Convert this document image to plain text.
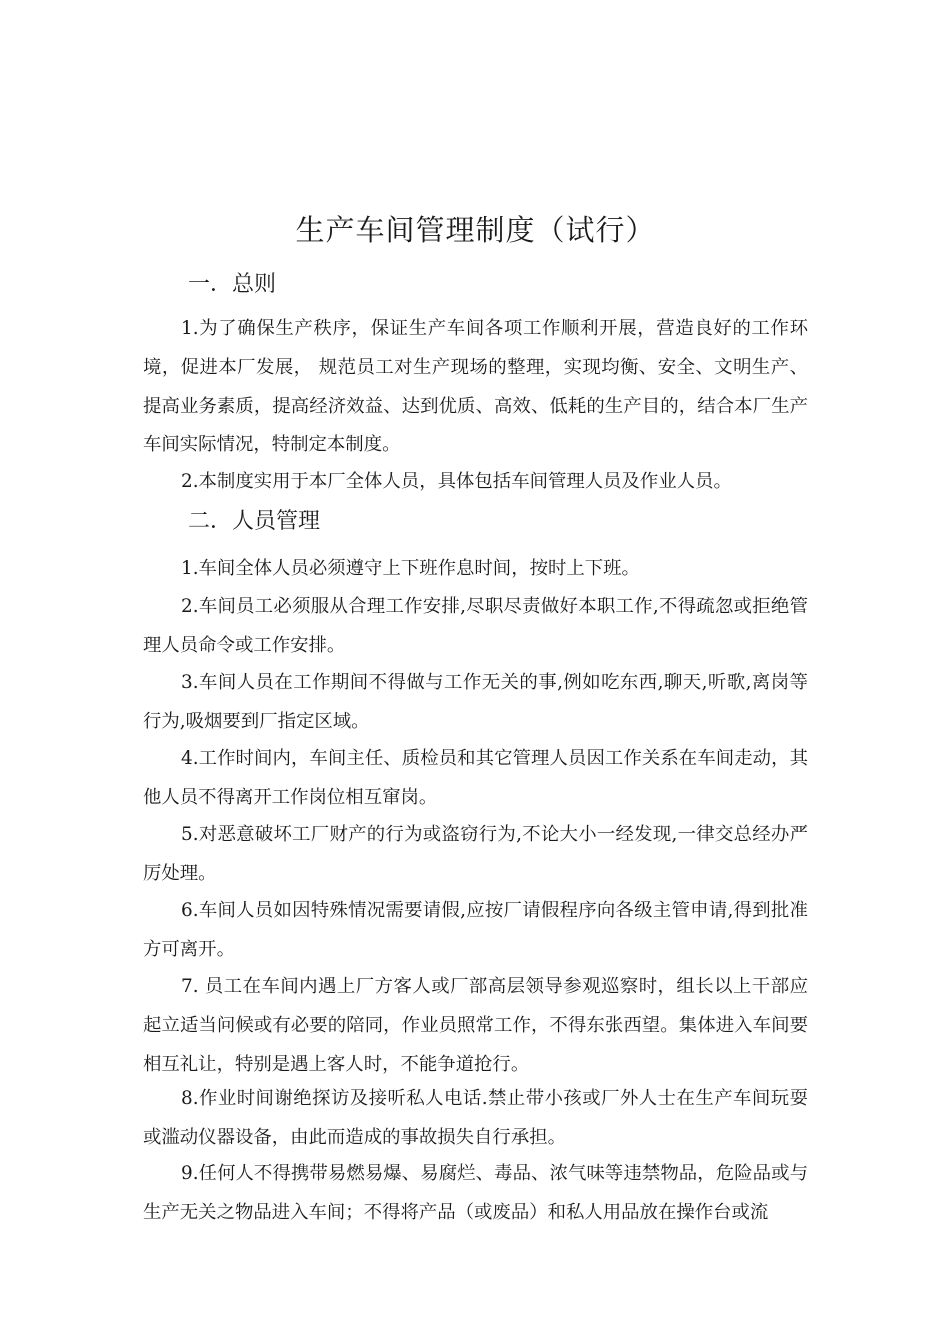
生产车间管理制度（试行）
一．总则

1.为了确保生产秩序，保证生产车间各项工作顺利开展，营造良好的工作环境，促进本厂发展， 规范员工对生产现场的整理，实现均衡、安全、文明生产、提高业务素质，提高经济效益、达到优质、高效、低耗的生产目的，结合本厂生产车间实际情况，特制定本制度。

2.本制度实用于本厂全体人员，具体包括车间管理人员及作业人员。

二．人员管理

1.车间全体人员必须遵守上下班作息时间，按时上下班。

2.车间员工必须服从合理工作安排,尽职尽责做好本职工作,不得疏忽或拒绝管理人员命令或工作安排。

3.车间人员在工作期间不得做与工作无关的事,例如吃东西,聊天,听歌,离岗等行为,吸烟要到厂指定区域。

4.工作时间内，车间主任、质检员和其它管理人员因工作关系在车间走动，其他人员不得离开工作岗位相互窜岗。

5.对恶意破坏工厂财产的行为或盗窃行为,不论大小一经发现,一律交总经办严厉处理。

6.车间人员如因特殊情况需要请假,应按厂请假程序向各级主管申请,得到批准方可离开。

7. 员工在车间内遇上厂方客人或厂部高层领导参观巡察时，组长以上干部应起立适当问候或有必要的陪同，作业员照常工作，不得东张西望。集体进入车间要相互礼让，特别是遇上客人时，不能争道抢行。

8.作业时间谢绝探访及接听私人电话.禁止带小孩或厂外人士在生产车间玩耍或滥动仪器设备，由此而造成的事故损失自行承担。

9.任何人不得携带易燃易爆、易腐烂、毒品、浓气味等违禁物品，危险品或与生产无关之物品进入车间；不得将产品（或废品）和私人用品放在操作台或流
